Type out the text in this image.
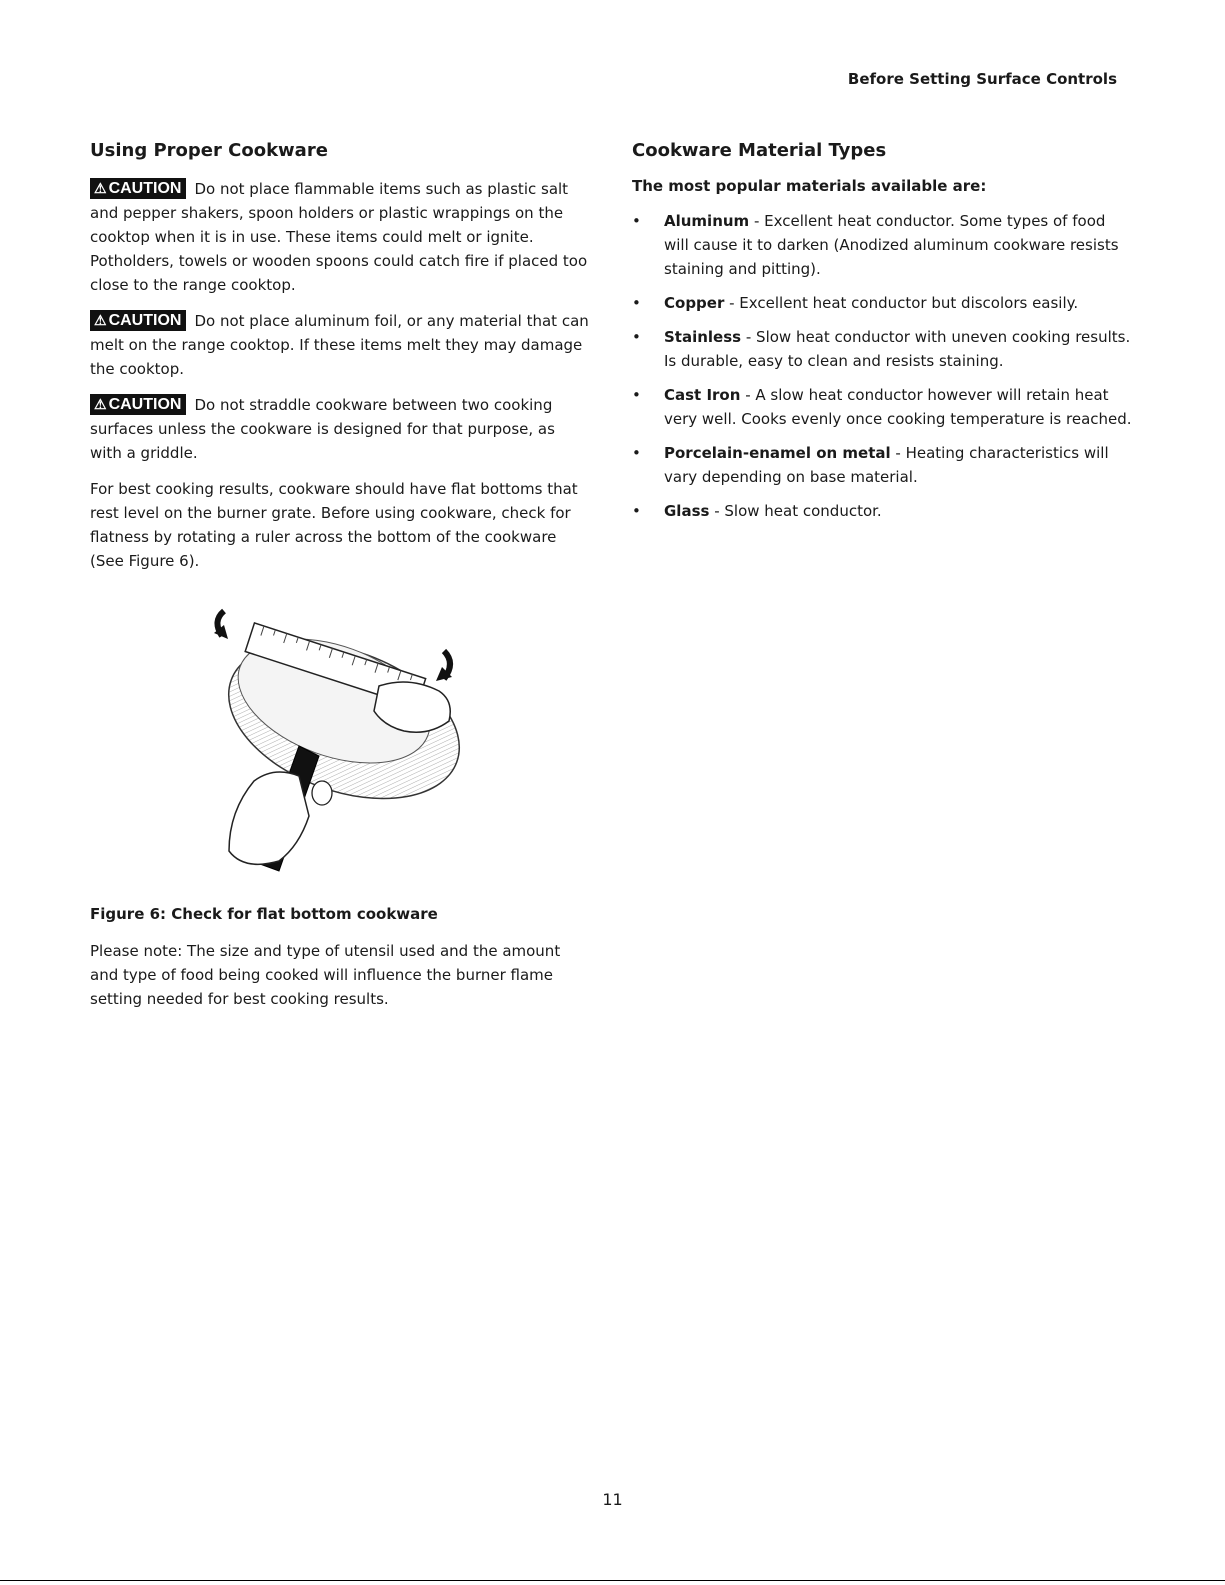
Before Setting Surface Controls
Using Proper Cookware

⚠ CAUTION Do not place flammable items such as plastic salt and pepper shakers, spoon holders or plastic wrappings on the cooktop when it is in use. These items could melt or ignite. Potholders, towels or wooden spoons could catch fire if placed too close to the range cooktop.

⚠ CAUTION Do not place aluminum foil, or any material that can melt on the range cooktop. If these items melt they may damage the cooktop.

⚠ CAUTION Do not straddle cookware between two cooking surfaces unless the cookware is designed for that purpose, as with a griddle.

For best cooking results, cookware should have flat bottoms that rest level on the burner grate. Before using cookware, check for flatness by rotating a ruler across the bottom of the cookware (See Figure 6).

Figure 6: Check for flat bottom cookware

Please note: The size and type of utensil used and the amount and type of food being cooked will influence the burner flame setting needed for best cooking results.

Cookware Material Types
The most popular materials available are:
• Aluminum - Excellent heat conductor. Some types of food will cause it to darken (Anodized aluminum cookware resists staining and pitting).
• Copper - Excellent heat conductor but discolors easily.
• Stainless - Slow heat conductor with uneven cooking results. Is durable, easy to clean and resists staining.
• Cast Iron - A slow heat conductor however will retain heat very well. Cooks evenly once cooking temperature is reached.
• Porcelain-enamel on metal - Heating characteristics will vary depending on base material.
• Glass - Slow heat conductor.
11
